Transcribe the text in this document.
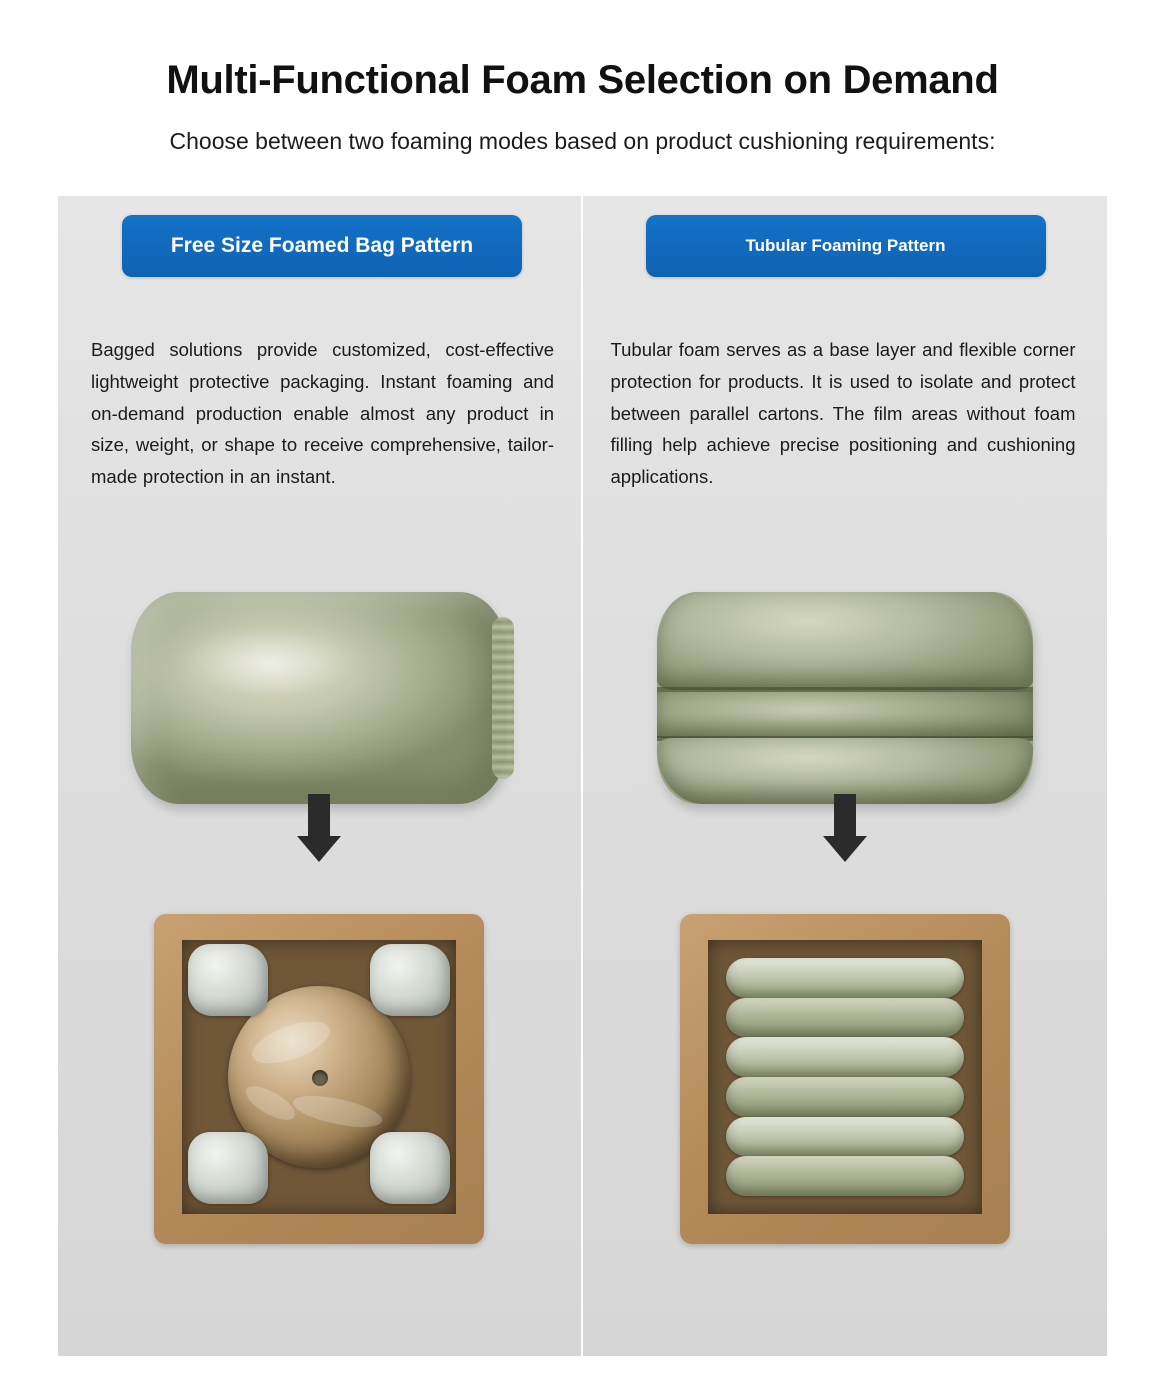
Multi-Functional Foam Selection on Demand

Choose between two foaming modes based on product cushioning requirements:

Free Size Foamed Bag Pattern
Bagged solutions provide customized, cost-effective lightweight protective packaging. Instant foaming and on-demand production enable almost any product in size, weight, or shape to receive comprehensive, tailor-made protection in an instant.
Tubular Foaming Pattern
Tubular foam serves as a base layer and flexible corner protection for products. It is used to isolate and protect between parallel cartons. The film areas without foam filling help achieve precise positioning and cushioning applications.
